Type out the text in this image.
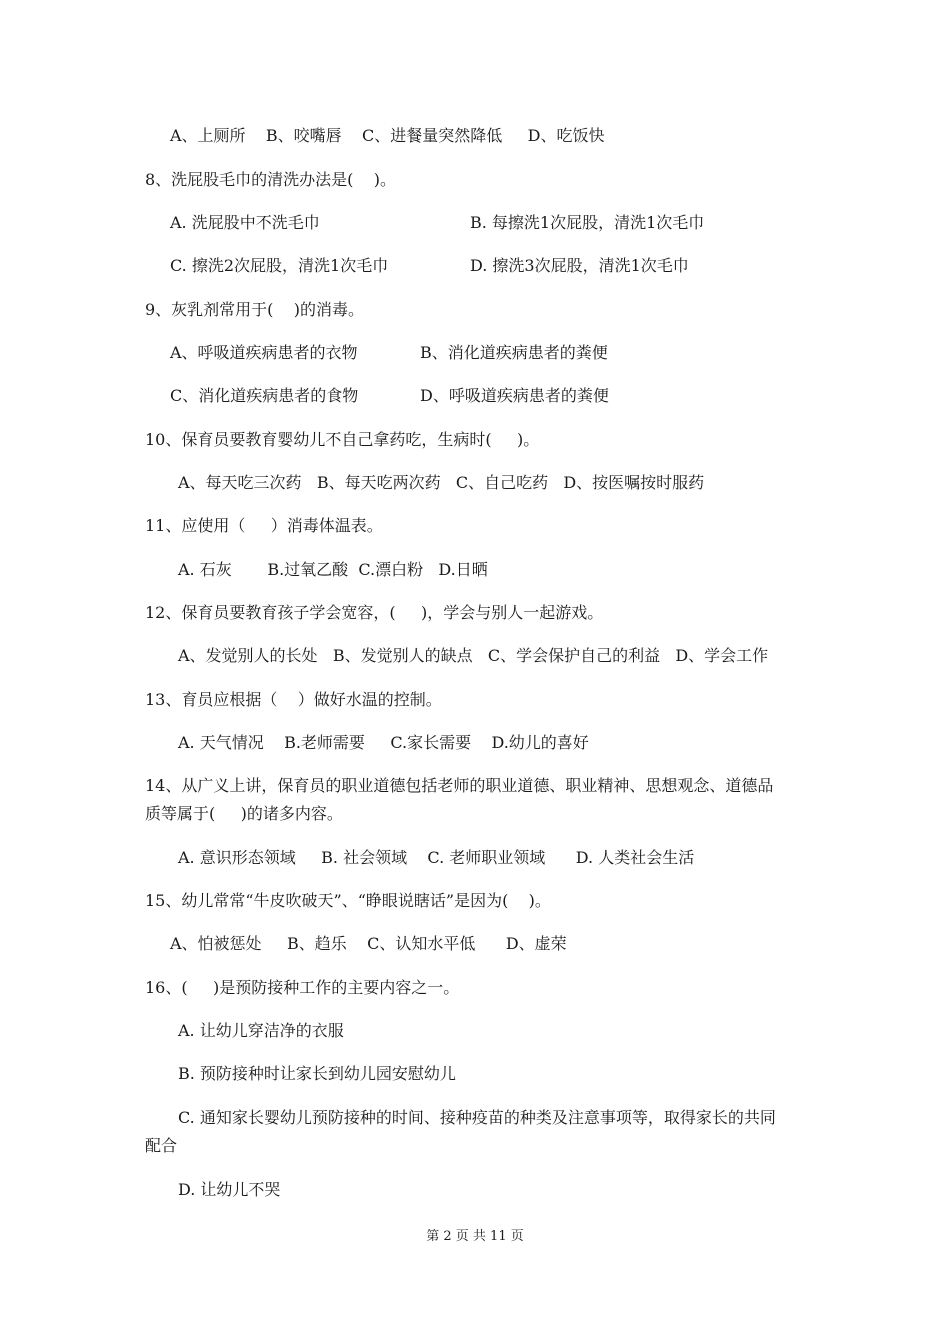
A、上厕所    B、咬嘴唇    C、进餐量突然降低     D、吃饭快
8、洗屁股毛巾的清洗办法是(    )。
A. 洗屁股中不洗毛巾	B. 每擦洗1次屁股，清洗1次毛巾
C. 擦洗2次屁股，清洗1次毛巾	D. 擦洗3次屁股，清洗1次毛巾
9、灰乳剂常用于(    )的消毒。
A、呼吸道疾病患者的衣物	B、消化道疾病患者的粪便
C、消化道疾病患者的食物	D、呼吸道疾病患者的粪便
10、保育员要教育婴幼儿不自己拿药吃，生病时(     )。
A、每天吃三次药   B、每天吃两次药   C、自己吃药   D、按医嘱按时服药
11、应使用（     ）消毒体温表。
A. 石灰       B.过氧乙酸  C.漂白粉   D.日晒
12、保育员要教育孩子学会宽容，(     )，学会与别人一起游戏。
A、发觉别人的长处   B、发觉别人的缺点   C、学会保护自己的利益   D、学会工作
13、育员应根据（    ）做好水温的控制。
A. 天气情况    B.老师需要     C.家长需要    D.幼儿的喜好
14、从广义上讲，保育员的职业道德包括老师的职业道德、职业精神、思想观念、道德品
质等属于(     )的诸多内容。
A. 意识形态领域     B. 社会领域    C. 老师职业领域      D. 人类社会生活
15、幼儿常常“牛皮吹破天”、“睁眼说瞎话”是因为(    )。
A、怕被惩处     B、趋乐    C、认知水平低      D、虚荣
16、(     )是预防接种工作的主要内容之一。
A. 让幼儿穿洁净的衣服
B. 预防接种时让家长到幼儿园安慰幼儿
C. 通知家长婴幼儿预防接种的时间、接种疫苗的种类及注意事项等，取得家长的共同
配合
D. 让幼儿不哭
第 2 页 共 11 页
